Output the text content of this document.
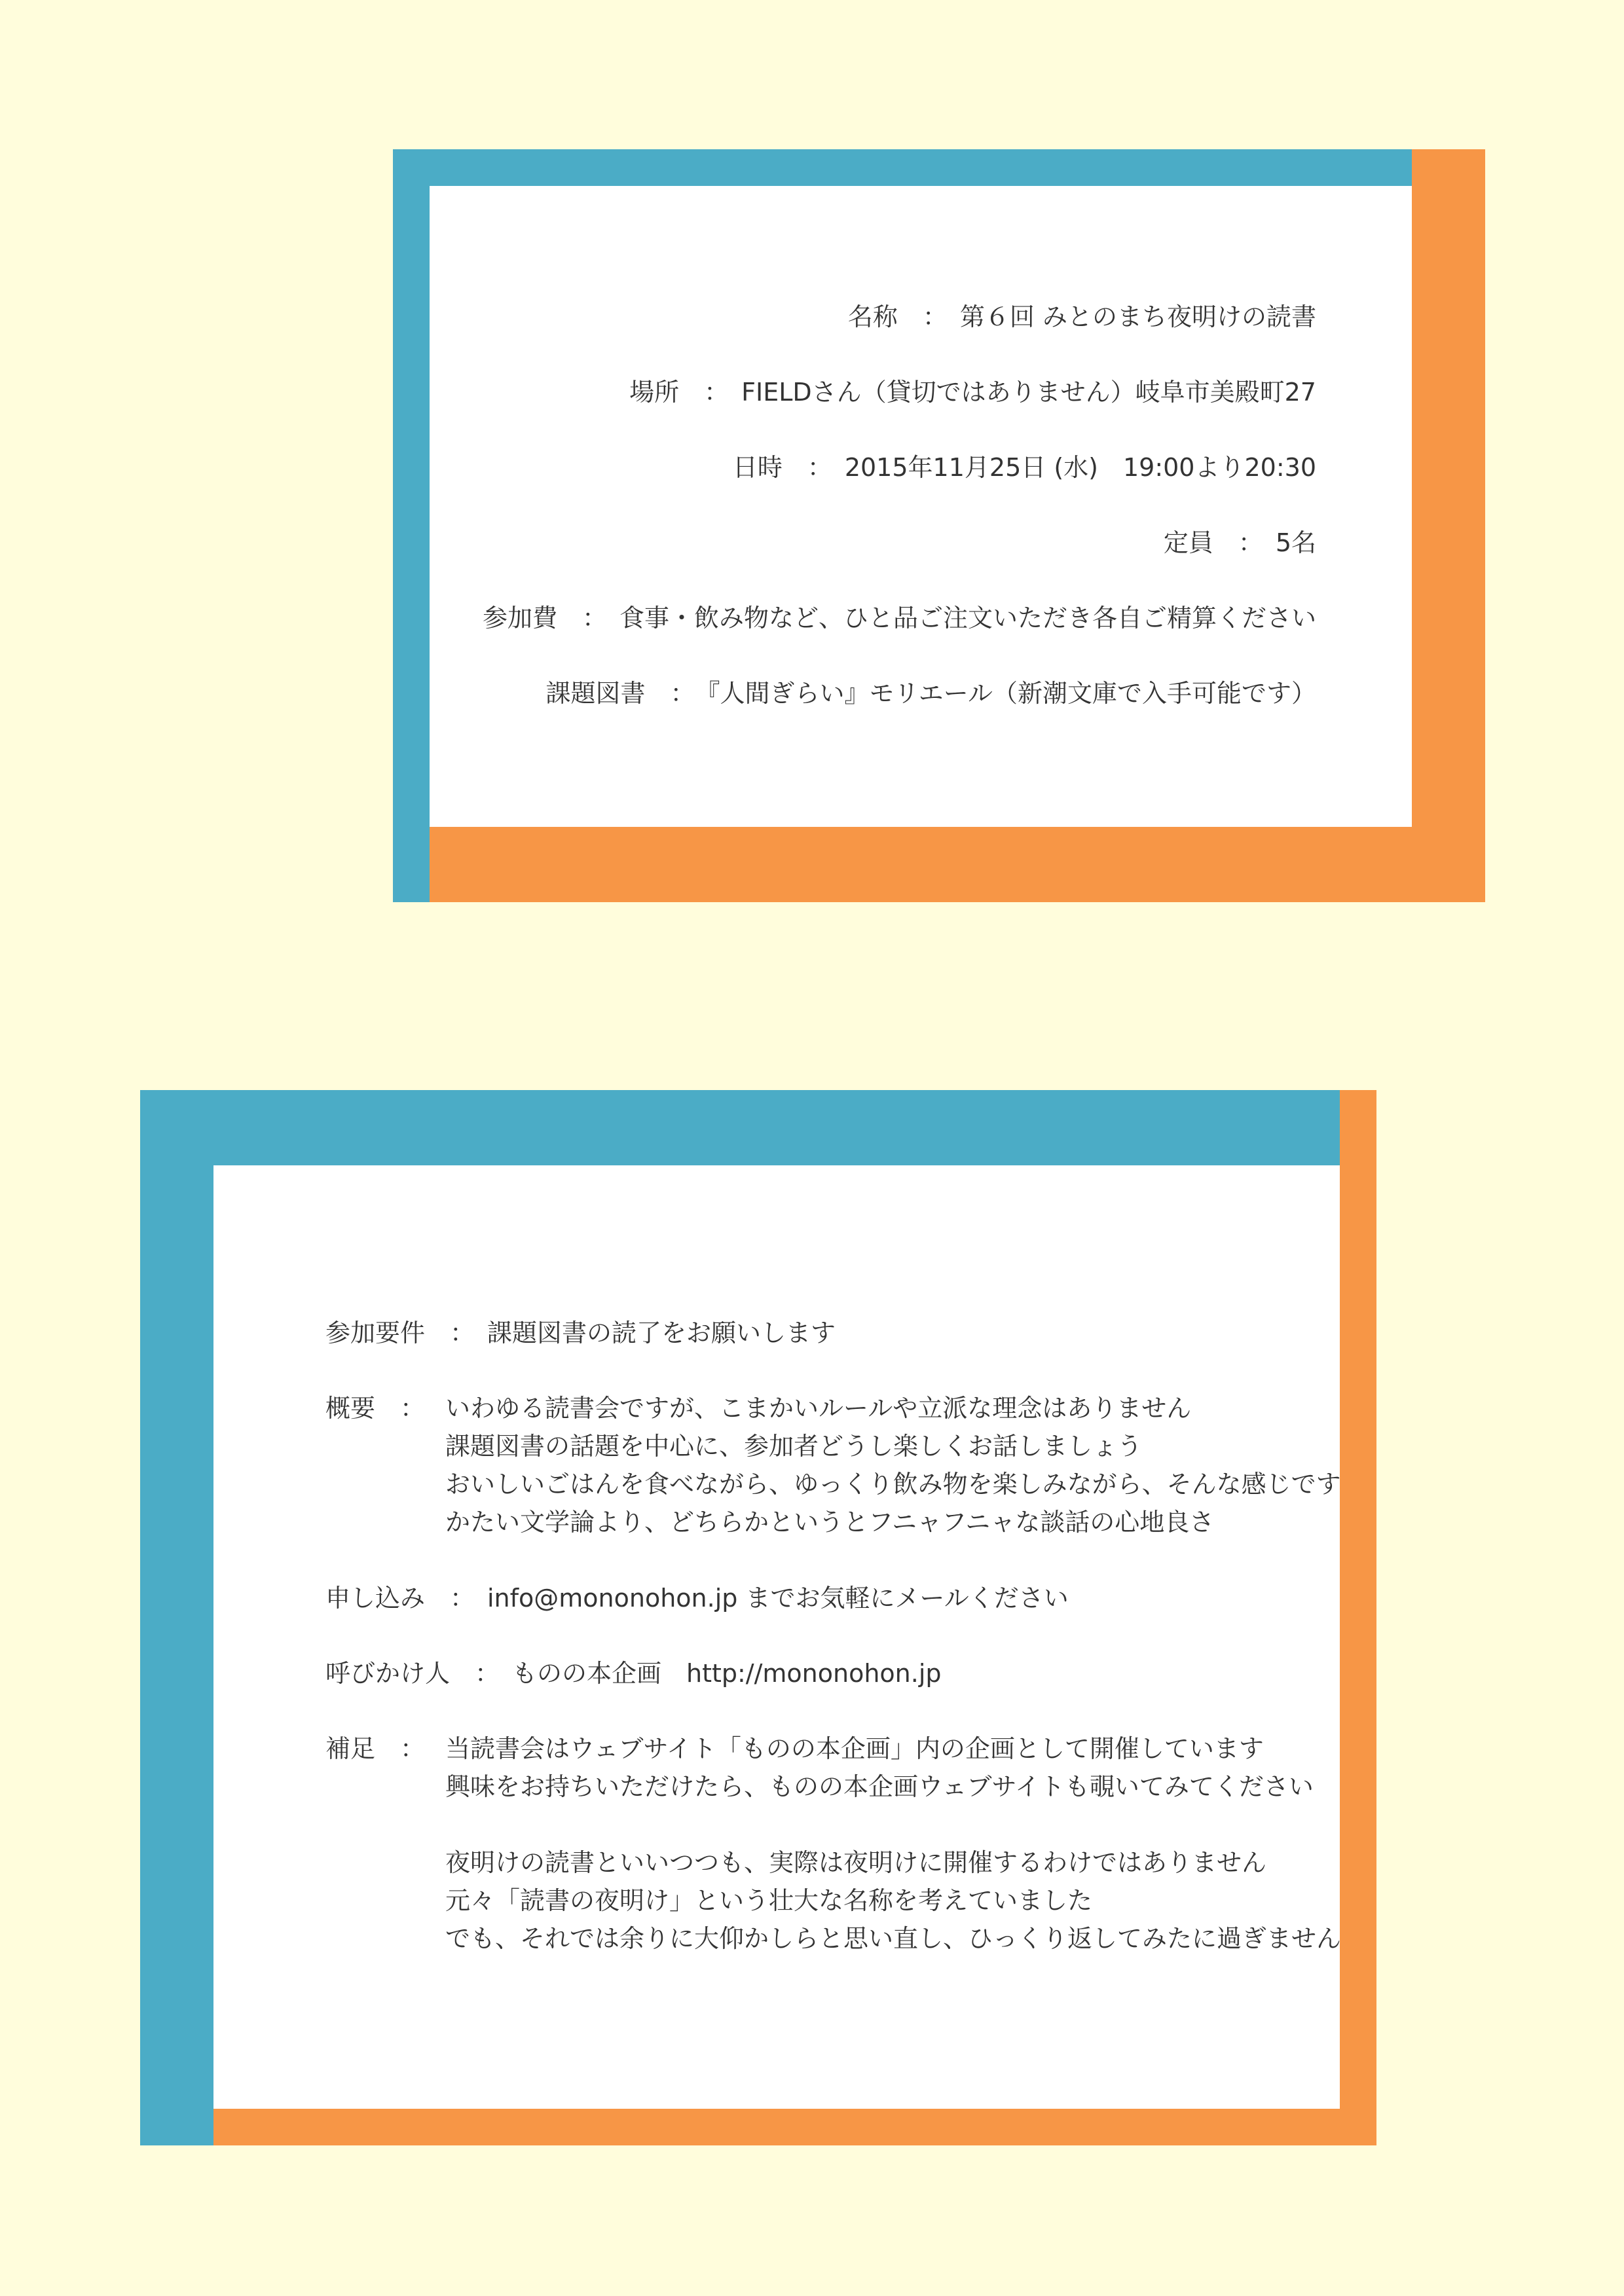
名称　：　第６回 みとのまち夜明けの読書
場所　：　FIELDさん（貸切ではありません）岐阜市美殿町27
日時　：　2015年11月25日 (水)　19:00より20:30
定員　：　5名
参加費　：　食事・飲み物など、ひと品ご注文いただき各自ご精算ください
課題図書　：　『人間ぎらい』モリエール（新潮文庫で入手可能です）
参加要件　：　課題図書の読了をお願いします
概要　： いわゆる読書会ですが、こまかいルールや立派な理念はありません
課題図書の話題を中心に、参加者どうし楽しくお話しましょう
おいしいごはんを食べながら、ゆっくり飲み物を楽しみながら、そんな感じです
かたい文学論より、どちらかというとフニャフニャな談話の心地良さ
申し込み　：　info@mononohon.jp までお気軽にメールください
呼びかけ人　：　ものの本企画　http://mononohon.jp
補足　： 当読書会はウェブサイト「ものの本企画」内の企画として開催しています
興味をお持ちいただけたら、ものの本企画ウェブサイトも覗いてみてください
夜明けの読書といいつつも、実際は夜明けに開催するわけではありません
元々「読書の夜明け」という壮大な名称を考えていました
でも、それでは余りに大仰かしらと思い直し、ひっくり返してみたに過ぎません
